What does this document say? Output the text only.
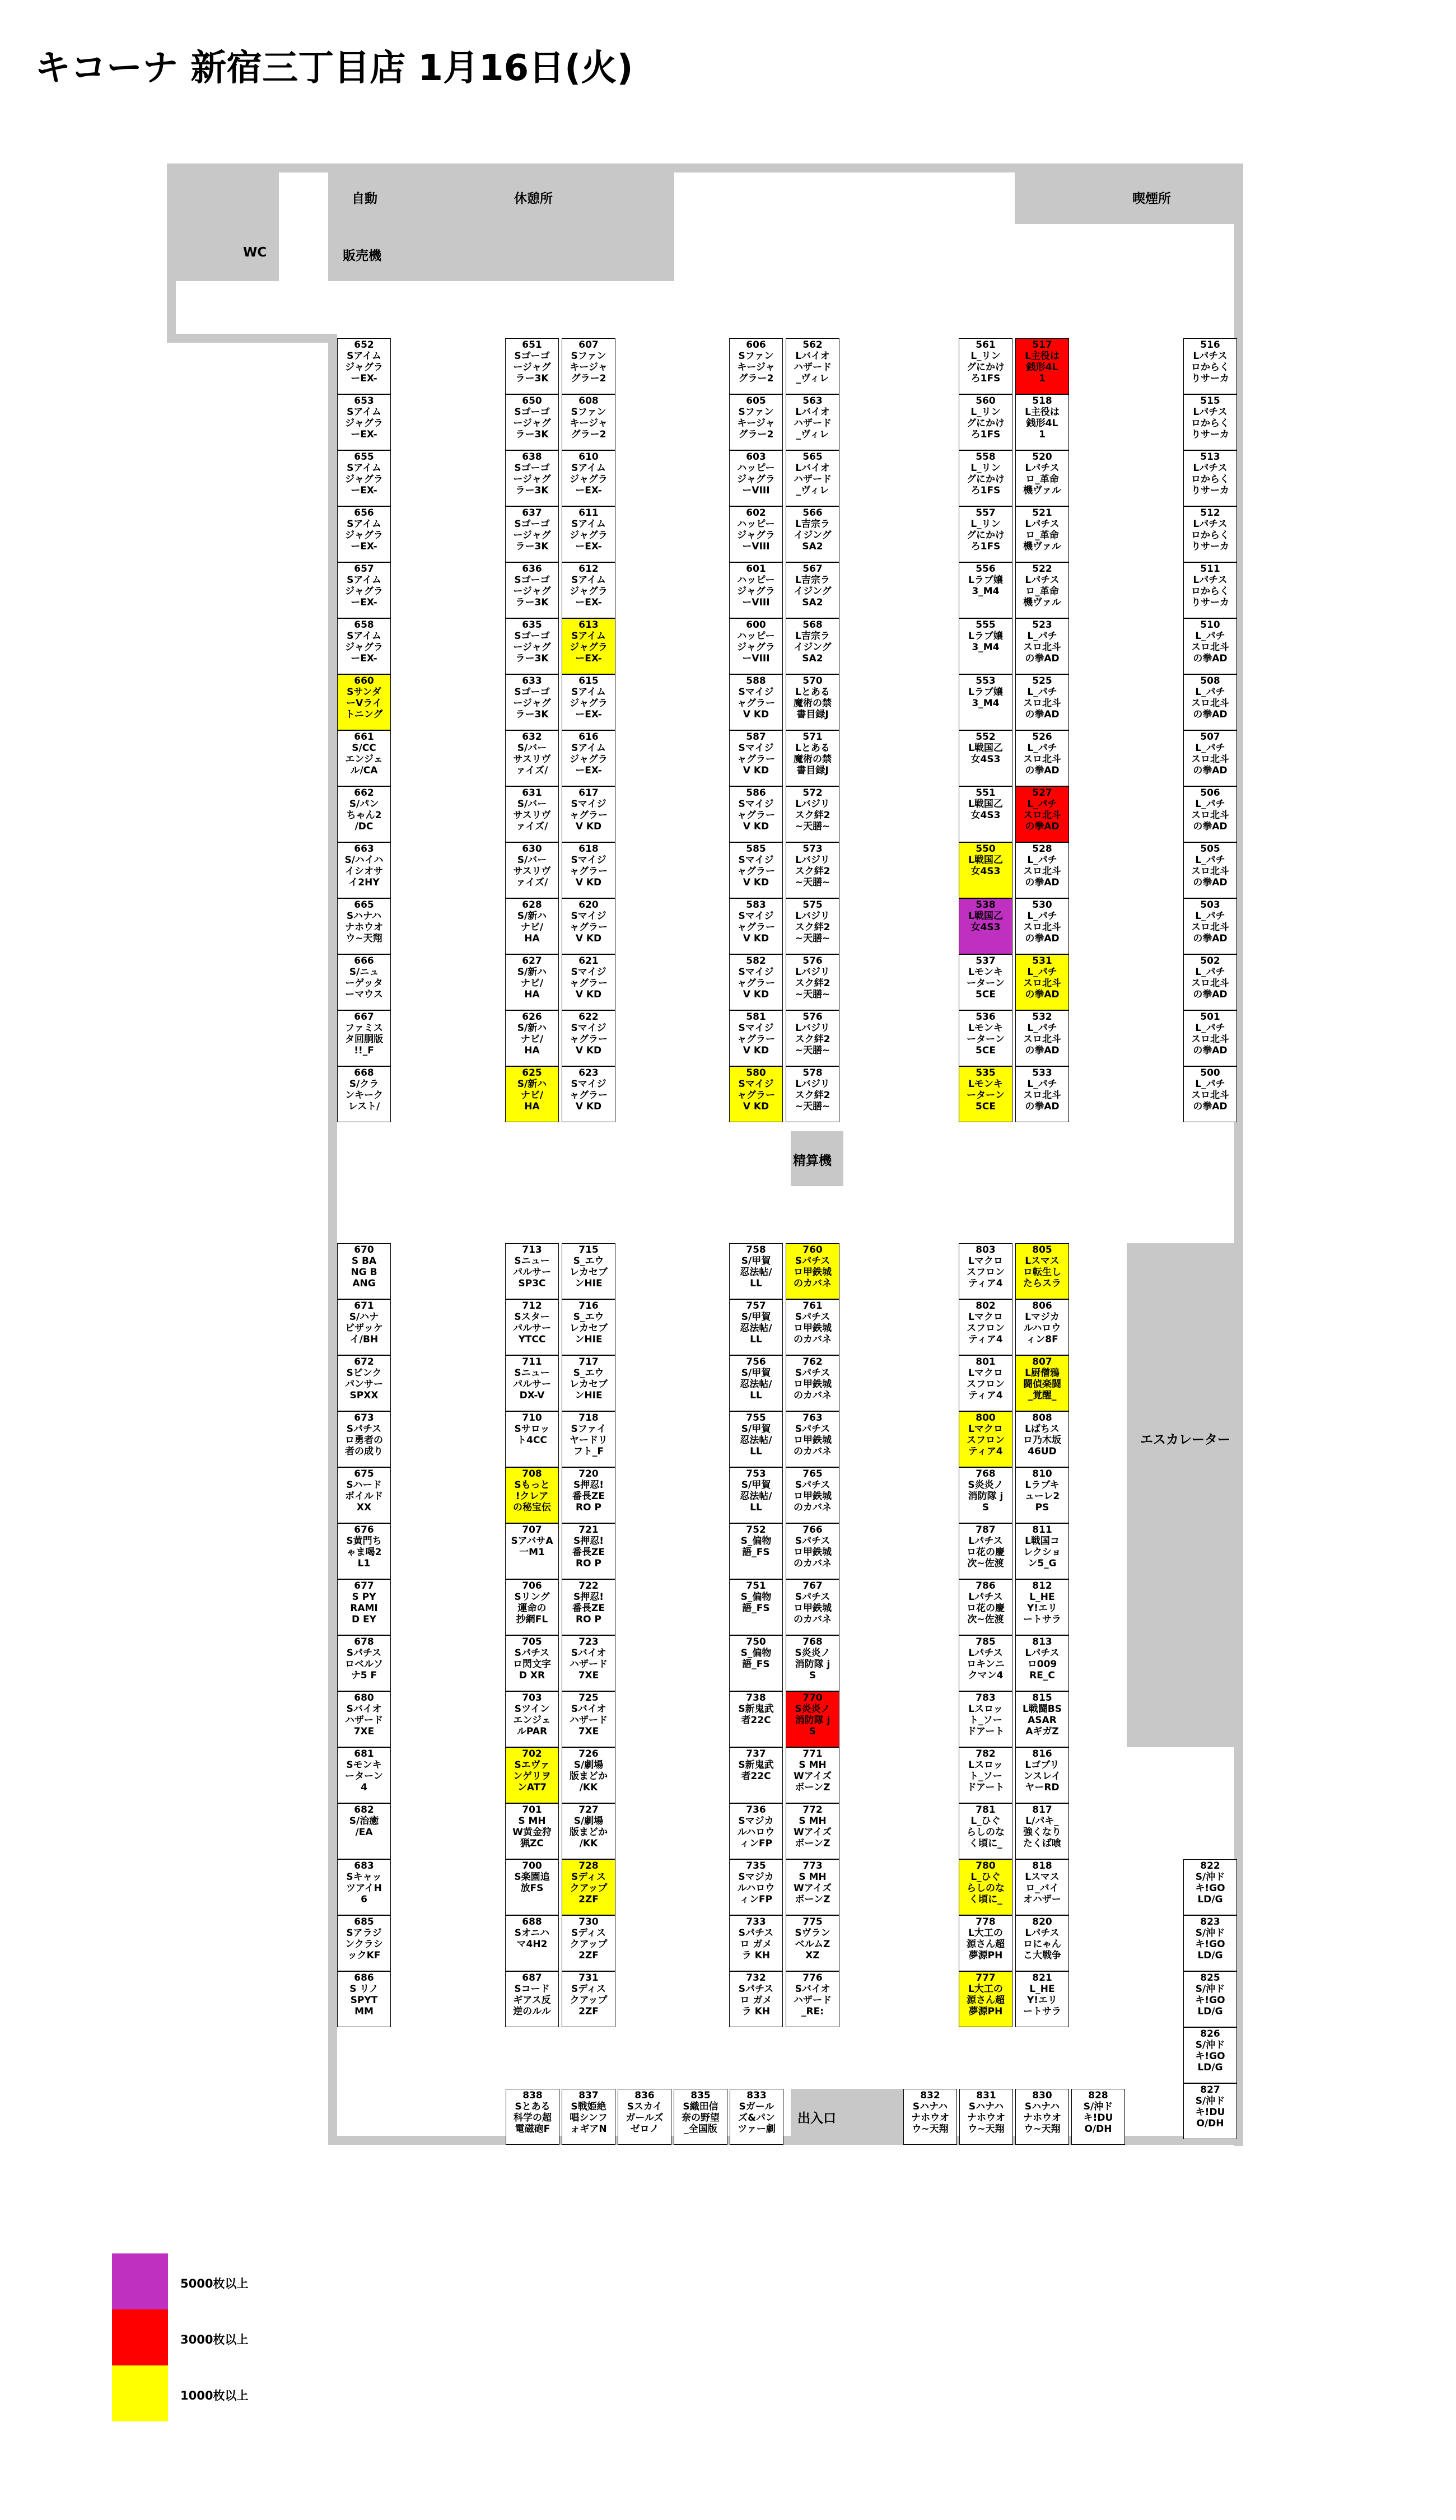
キコーナ 新宿三丁目店 1月16日(火)
WC
自動
販売機
休憩所	喫煙所
精算機
エスカレーター
出入口
652
Sアイム
ジャグラ
ーEX-
653
Sアイム
ジャグラ
ーEX-
655
Sアイム
ジャグラ
ーEX-
656
Sアイム
ジャグラ
ーEX-
657
Sアイム
ジャグラ
ーEX-
658
Sアイム
ジャグラ
ーEX-
660
Sサンダ
ーVライ
トニング
661
S/CC
エンジェ
ル/CA
662
S/パン
ちゃん2
/DC
663
S/ハイハ
イシオサ
イ2HY
665
Sハナハ
ナホウオ
ウ~天翔
666
S/ニュ
ーゲッタ
ーマウス
667
ファミス
タ回胴版
!!_F
668
S/クラ
ンキーク
レスト/
651
Sゴーゴ
ージャグ
ラー3K
650
Sゴーゴ
ージャグ
ラー3K
638
Sゴーゴ
ージャグ
ラー3K
637
Sゴーゴ
ージャグ
ラー3K
636
Sゴーゴ
ージャグ
ラー3K
635
Sゴーゴ
ージャグ
ラー3K
633
Sゴーゴ
ージャグ
ラー3K
632
S/バー
サスリヴ
ァイズ/
631
S/バー
サスリヴ
ァイズ/
630
S/バー
サスリヴ
ァイズ/
628
S/新ハ
ナビ/
HA
627
S/新ハ
ナビ/
HA
626
S/新ハ
ナビ/
HA
625
S/新ハ
ナビ/
HA
607
Sファン
キージャ
グラー2
608
Sファン
キージャ
グラー2
610
Sアイム
ジャグラ
ーEX-
611
Sアイム
ジャグラ
ーEX-
612
Sアイム
ジャグラ
ーEX-
613
Sアイム
ジャグラ
ーEX-
615
Sアイム
ジャグラ
ーEX-
616
Sアイム
ジャグラ
ーEX-
617
Sマイジ
ャグラー
V KD
618
Sマイジ
ャグラー
V KD
620
Sマイジ
ャグラー
V KD
621
Sマイジ
ャグラー
V KD
622
Sマイジ
ャグラー
V KD
623
Sマイジ
ャグラー
V KD
606
Sファン
キージャ
グラー2
605
Sファン
キージャ
グラー2
603
ハッピー
ジャグラ
ーVIII
602
ハッピー
ジャグラ
ーVIII
601
ハッピー
ジャグラ
ーVIII
600
ハッピー
ジャグラ
ーVIII
588
Sマイジ
ャグラー
V KD
587
Sマイジ
ャグラー
V KD
586
Sマイジ
ャグラー
V KD
585
Sマイジ
ャグラー
V KD
583
Sマイジ
ャグラー
V KD
582
Sマイジ
ャグラー
V KD
581
Sマイジ
ャグラー
V KD
580
Sマイジ
ャグラー
V KD
562
Lバイオ
ハザード
_ヴィレ
563
Lバイオ
ハザード
_ヴィレ
565
Lバイオ
ハザード
_ヴィレ
566
L吉宗ラ
イジング
SA2
567
L吉宗ラ
イジング
SA2
568
L吉宗ラ
イジング
SA2
570
Lとある
魔術の禁
書目録J
571
Lとある
魔術の禁
書目録J
572
Lバジリ
スク絆2
~天膳~
573
Lバジリ
スク絆2
~天膳~
575
Lバジリ
スク絆2
~天膳~
576
Lバジリ
スク絆2
~天膳~
576
Lバジリ
スク絆2
~天膳~
578
Lバジリ
スク絆2
~天膳~
561
L_リン
グにかけ
ろ1FS
560
L_リン
グにかけ
ろ1FS
558
L_リン
グにかけ
ろ1FS
557
L_リン
グにかけ
ろ1FS
556
Lラブ嬢
3_M4
555
Lラブ嬢
3_M4
553
Lラブ嬢
3_M4
552
L戦国乙
女4S3
551
L戦国乙
女4S3
550
L戦国乙
女4S3
538
L戦国乙
女4S3
537
Lモンキ
ーターン
5CE
536
Lモンキ
ーターン
5CE
535
Lモンキ
ーターン
5CE
517
L主役は
銭形4L
1
518
L主役は
銭形4L
1
520
Lパチス
ロ_革命
機ヴァル
521
Lパチス
ロ_革命
機ヴァル
522
Lパチス
ロ_革命
機ヴァル
523
L_パチ
スロ北斗
の拳AD
525
L_パチ
スロ北斗
の拳AD
526
L_パチ
スロ北斗
の拳AD
527
L_パチ
スロ北斗
の拳AD
528
L_パチ
スロ北斗
の拳AD
530
L_パチ
スロ北斗
の拳AD
531
L_パチ
スロ北斗
の拳AD
532
L_パチ
スロ北斗
の拳AD
533
L_パチ
スロ北斗
の拳AD
516
Lパチス
ロからく
りサーカ
515
Lパチス
ロからく
りサーカ
513
Lパチス
ロからく
りサーカ
512
Lパチス
ロからく
りサーカ
511
Lパチス
ロからく
りサーカ
510
L_パチ
スロ北斗
の拳AD
508
L_パチ
スロ北斗
の拳AD
507
L_パチ
スロ北斗
の拳AD
506
L_パチ
スロ北斗
の拳AD
505
L_パチ
スロ北斗
の拳AD
503
L_パチ
スロ北斗
の拳AD
502
L_パチ
スロ北斗
の拳AD
501
L_パチ
スロ北斗
の拳AD
500
L_パチ
スロ北斗
の拳AD
670
S BA
NG B
ANG
671
S/ハナ
ビザッケ
イ/BH
672
Sビンク
パンサー
SPXX
673
Sパチス
ロ勇者の
者の成り
675
Sハード
ボイルド
XX
676
S黄門ち
ゃま喝2
L1
677
S PY
RAMI
D EY
678
Sパチス
ロベルソ
ナ5 F
680
Sバイオ
ハザード
7XE
681
Sモンキ
ーターン
4
682
S/治癒
/EA
683
Sキャッ
ツアイH
6
685
Sアラジ
ンクラシ
ックKF
686
S リノ
SPYT
MM
713
Sニュー
パルサー
SP3C
712
Sスター
パルサー
YTCC
711
Sニュー
パルサー
DX-V
710
Sサロッ
ト4CC
708
Sもっと
!クレア
の秘宝伝
707
SアバサA
一M1
706
Sリング
運命の
抄網FL
705
Sパチス
ロ閃文字
D XR
703
Sツイン
エンジェ
ルPAR
702
Sエヴァ
ンゲリヲ
ンAT7
701
S MH
W黄金狩
猟ZC
700
S楽園追
放FS
688
Sオニハ
マ4H2
687
Sコード
ギアス反
逆のルル
715
S_エウ
レカセブ
ンHIE
716
S_エウ
レカセブ
ンHIE
717
S_エウ
レカセブ
ンHIE
718
Sファイ
ヤードリ
フト_F
720
S押忍!
番長ZE
RO P
721
S押忍!
番長ZE
RO P
722
S押忍!
番長ZE
RO P
723
Sバイオ
ハザード
7XE
725
Sバイオ
ハザード
7XE
726
S/劇場
版まどか
/KK
727
S/劇場
版まどか
/KK
728
Sディス
クアップ
2ZF
730
Sディス
クアップ
2ZF
731
Sディス
クアップ
2ZF
758
S/甲賀
忍法帖/
LL
757
S/甲賀
忍法帖/
LL
756
S/甲賀
忍法帖/
LL
755
S/甲賀
忍法帖/
LL
753
S/甲賀
忍法帖/
LL
752
S_偏物
語_FS
751
S_偏物
語_FS
750
S_偏物
語_FS
738
S新鬼武
者22C
737
S新鬼武
者22C
736
Sマジカ
ルハロウ
ィンFP
735
Sマジカ
ルハロウ
ィンFP
733
Sパチス
ロ ガメ
ラ KH
732
Sパチス
ロ ガメ
ラ KH
760
Sパチス
ロ甲鉄城
のカバネ
761
Sパチス
ロ甲鉄城
のカバネ
762
Sパチス
ロ甲鉄城
のカバネ
763
Sパチス
ロ甲鉄城
のカバネ
765
Sパチス
ロ甲鉄城
のカバネ
766
Sパチス
ロ甲鉄城
のカバネ
767
Sパチス
ロ甲鉄城
のカバネ
768
S炎炎ノ
消防隊 j
S
770
S炎炎ノ
消防隊 j
S
771
S MH
Wアイズ
ボーンZ
772
S MH
Wアイズ
ボーンZ
773
S MH
Wアイズ
ボーンZ
775
Sヴラン
ベルムZ
XZ
776
Sバイオ
ハザード
_RE:
803
Lマクロ
スフロン
ティア4
802
Lマクロ
スフロン
ティア4
801
Lマクロ
スフロン
ティア4
800
Lマクロ
スフロン
ティア4
768
S炎炎ノ
消防隊 j
S
787
Lパチス
ロ花の慶
次~佐渡
786
Lパチス
ロ花の慶
次~佐渡
785
Lパチス
ロキンニ
クマン4
783
Lスロッ
ト_ソー
ドアート
782
Lスロッ
ト_ソー
ドアート
781
L_ひぐ
らしのな
く頃に_
780
L_ひぐ
らしのな
く頃に_
778
L大工の
源さん超
夢源PH
777
L大工の
源さん超
夢源PH
805
Lスマス
ロ転生し
たらスラ
806
Lマジカ
ルハロウ
ィン8F
807
L厨僧鴉
闘偵楽闘
_覚醒_
808
Lばちス
ロ乃木坂
46UD
810
Lラブキ
ューレ2
PS
811
L戦国コ
レクショ
ン5_G
812
L_HE
Y!エリ
ートサラ
813
Lパチス
ロ009
RE_C
815
L戦闘BS
ASAR
AギガZ
816
Lゴブリ
ンスレイ
ヤーRD
817
L/パキ_
強くなり
たくば喰
818
Lスマス
ロ_バイ
オハザー
820
Lパチス
ロにゃん
こ大戦争
821
L_HE
Y!エリ
ートサラ
822
S/沖ド
キ!GO
LD/G
823
S/沖ド
キ!GO
LD/G
825
S/沖ド
キ!GO
LD/G
826
S/沖ド
キ!GO
LD/G
827
S/沖ド
キ!DU
O/DH
838
Sとある
科学の超
電磁砲F
837
S戦姫絶
唱シンフ
ォギアN
836
Sスカイ
ガールズ
ゼロノ
835
S織田信
奈の野望
_全国版
833
Sガール
ズ&パン
ツァー劇
832
Sハナハ
ナホウオ
ウ~天翔
831
Sハナハ
ナホウオ
ウ~天翔
830
Sハナハ
ナホウオ
ウ~天翔
828
S/沖ド
キ!DU
O/DH
5000枚以上
3000枚以上
1000枚以上
